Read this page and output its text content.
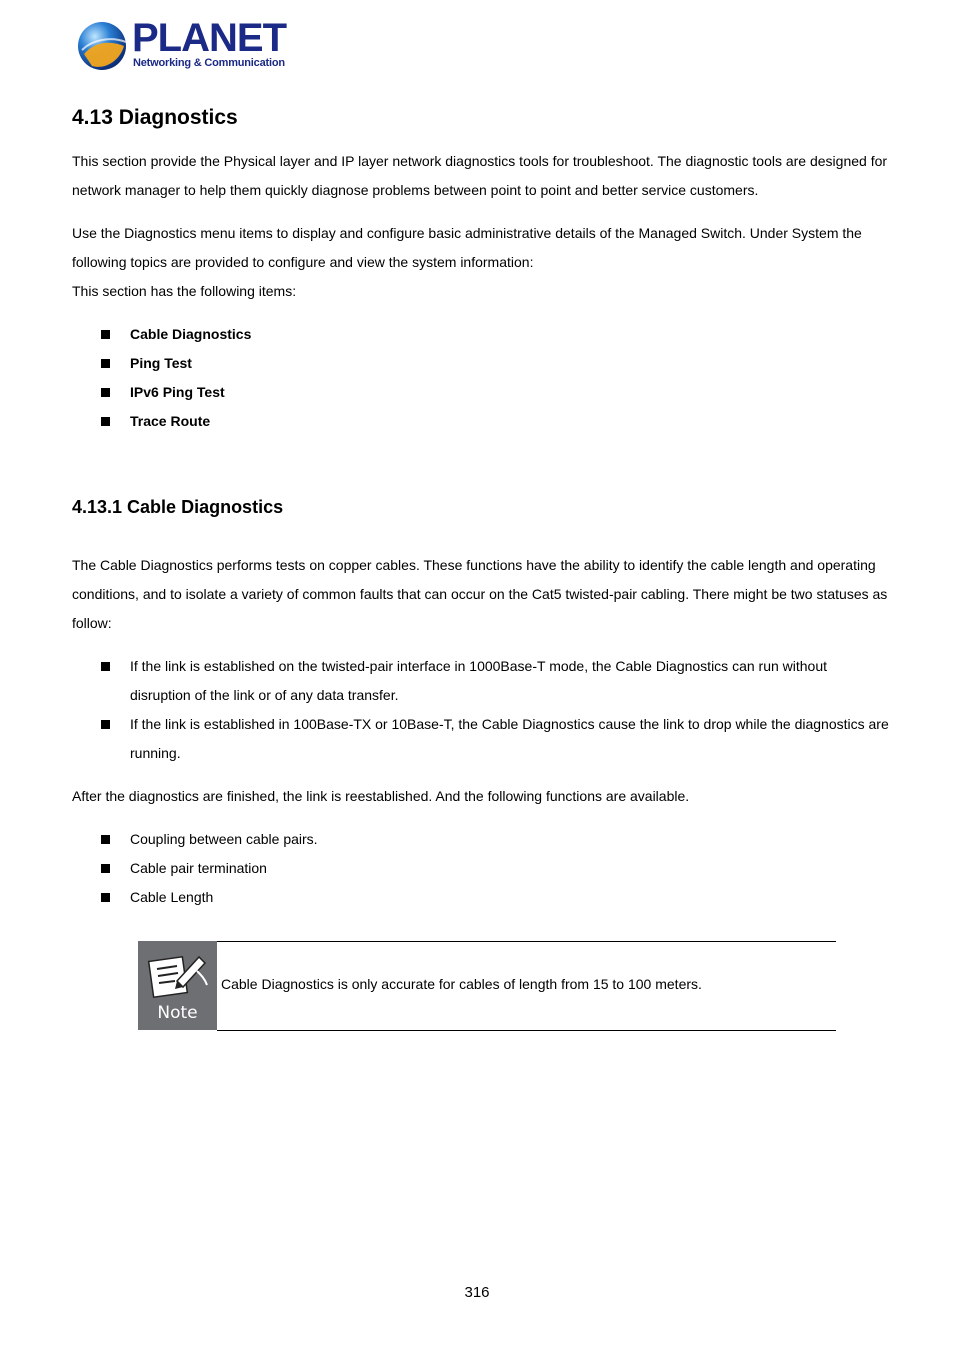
PLANET
Networking & Communication
4.13 Diagnostics

This section provide the Physical layer and IP layer network diagnostics tools for troubleshoot. The diagnostic tools are designed for network manager to help them quickly diagnose problems between point to point and better service customers.

Use the Diagnostics menu items to display and configure basic administrative details of the Managed Switch. Under System the following topics are provided to configure and view the system information:

This section has the following items:

Cable Diagnostics
Ping Test
IPv6 Ping Test
Trace Route
4.13.1 Cable Diagnostics

The Cable Diagnostics performs tests on copper cables. These functions have the ability to identify the cable length and operating conditions, and to isolate a variety of common faults that can occur on the Cat5 twisted-pair cabling. There might be two statuses as follow:

If the link is established on the twisted-pair interface in 1000Base-T mode, the Cable Diagnostics can run without disruption of the link or of any data transfer.
If the link is established in 100Base-TX or 10Base-T, the Cable Diagnostics cause the link to drop while the diagnostics are running.

After the diagnostics are finished, the link is reestablished. And the following functions are available.

Coupling between cable pairs.
Cable pair termination
Cable Length
Note
Cable Diagnostics is only accurate for cables of length from 15 to 100 meters.
316
